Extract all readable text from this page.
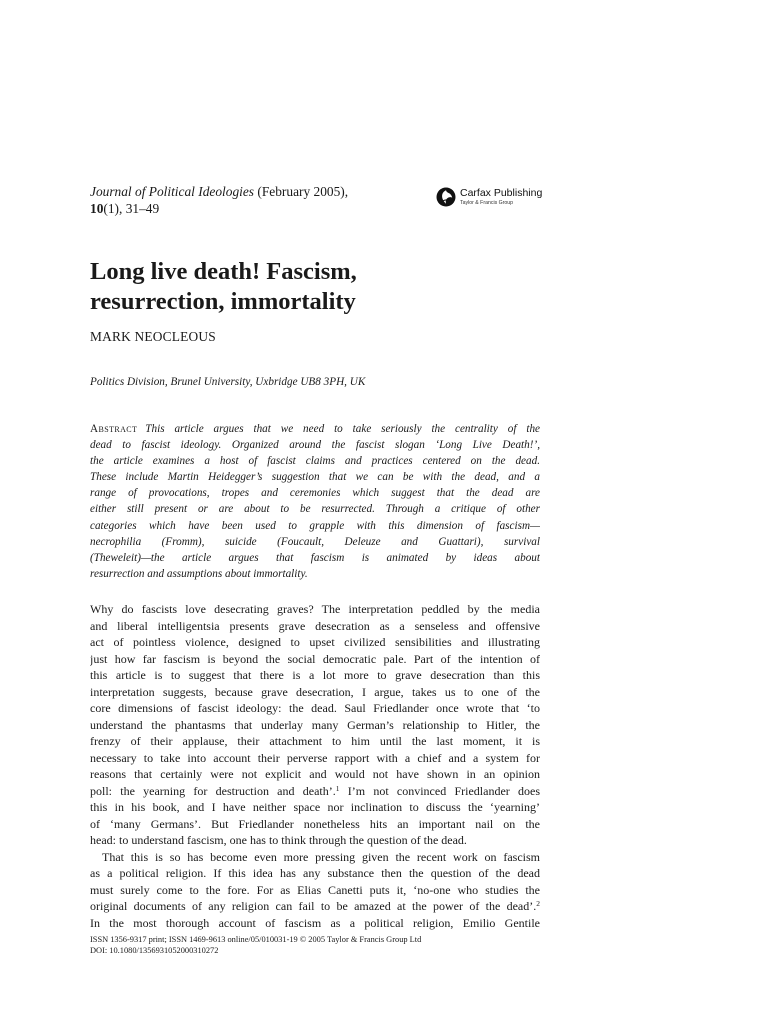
Journal of Political Ideologies (February 2005),
10(1), 31–49
Carfax Publishing
Taylor & Francis Group
Long live death! Fascism,
resurrection, immortality
MARK NEOCLEOUS
Politics Division, Brunel University, Uxbridge UB8 3PH, UK
Abstract This article argues that we need to take seriously the centrality of the
dead to fascist ideology. Organized around the fascist slogan ‘Long Live Death!’,
the article examines a host of fascist claims and practices centered on the dead.
These include Martin Heidegger’s suggestion that we can be with the dead, and a
range of provocations, tropes and ceremonies which suggest that the dead are
either still present or are about to be resurrected. Through a critique of other
categories which have been used to grapple with this dimension of fascism—
necrophilia (Fromm), suicide (Foucault, Deleuze and Guattari), survival
(Theweleit)—the article argues that fascism is animated by ideas about
resurrection and assumptions about immortality.
Why do fascists love desecrating graves? The interpretation peddled by the media
and liberal intelligentsia presents grave desecration as a senseless and offensive
act of pointless violence, designed to upset civilized sensibilities and illustrating
just how far fascism is beyond the social democratic pale. Part of the intention of
this article is to suggest that there is a lot more to grave desecration than this
interpretation suggests, because grave desecration, I argue, takes us to one of the
core dimensions of fascist ideology: the dead. Saul Friedlander once wrote that ‘to
understand the phantasms that underlay many German’s relationship to Hitler, the
frenzy of their applause, their attachment to him until the last moment, it is
necessary to take into account their perverse rapport with a chief and a system for
reasons that certainly were not explicit and would not have shown in an opinion
poll: the yearning for destruction and death’.$^1$ I’m not convinced Friedlander does
this in his book, and I have neither space nor inclination to discuss the ‘yearning’
of ‘many Germans’. But Friedlander nonetheless hits an important nail on the
head: to understand fascism, one has to think through the question of the dead.
That this is so has become even more pressing given the recent work on fascism
as a political religion. If this idea has any substance then the question of the dead
must surely come to the fore. For as Elias Canetti puts it, ‘no-one who studies the
original documents of any religion can fail to be amazed at the power of the dead’.$^2$
In the most thorough account of fascism as a political religion, Emilio Gentile
ISSN 1356-9317 print; ISSN 1469-9613 online/05/010031-19 © 2005 Taylor & Francis Group Ltd
DOI: 10.1080/1356931052000310272
